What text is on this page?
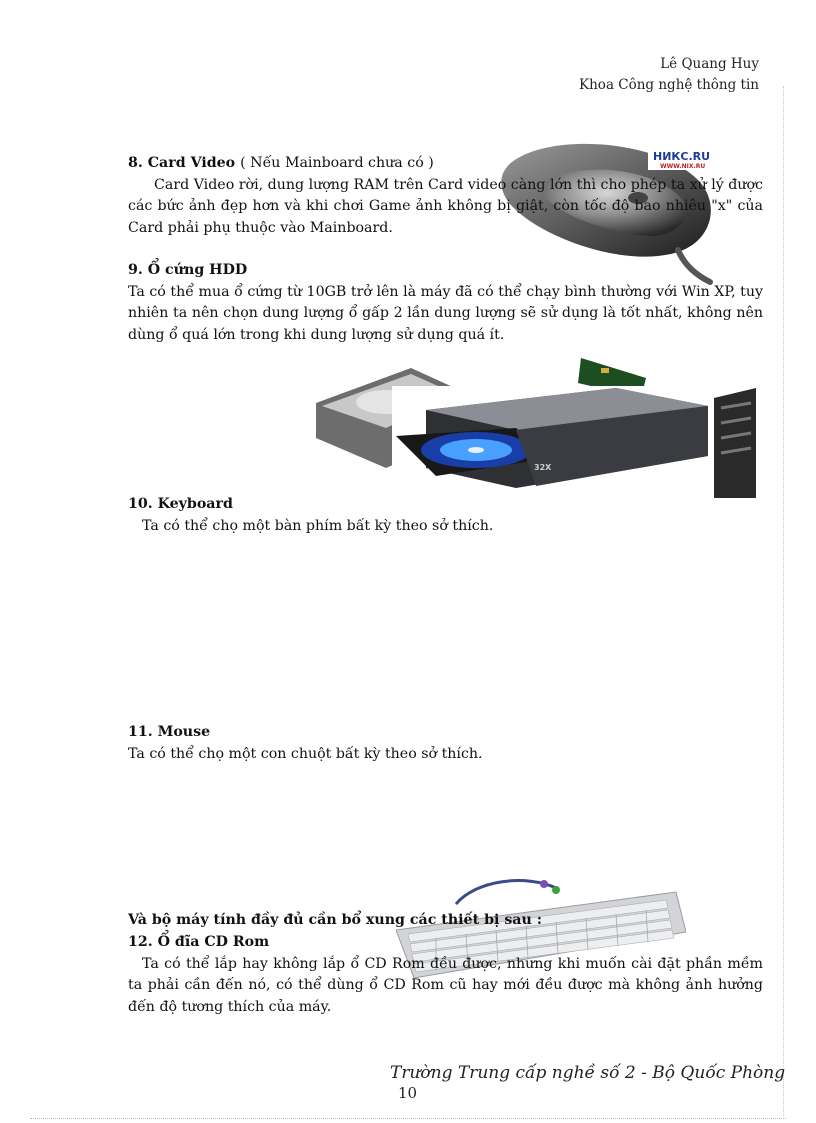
Lê Quang Huy
Khoa Công nghệ thông tin
НИКС.RU
WWW.NIX.RU
8. Card Video ( Nếu Mainboard chưa có )

Card Video rời, dung lượng RAM trên Card video càng lớn thì cho phép ta xử lý được các bức ảnh đẹp hơn và khi chơi Game ảnh không bị giật, còn tốc độ bao nhiêu "x" của Card phải phụ thuộc vào Mainboard.

9. Ổ cứng HDD

Ta có thể mua ổ cứng từ 10GB trở lên là máy đã có thể chạy bình thường với Win XP, tuy nhiên ta nên chọn dung lượng ổ gấp 2 lần dung lượng sẽ sử dụng là tốt nhất, không nên dùng ổ quá lớn trong khi dung lượng sử dụng quá ít.

32X
10. Keyboard

Ta có thể chọ một bàn phím bất kỳ theo sở thích.

11. Mouse

Ta có thể chọ một con chuột bất kỳ theo sở thích.

Và bộ máy tính đầy đủ cần bổ xung các thiết bị sau :
12. Ổ đĩa CD Rom

Ta có thể lắp hay không lắp ổ CD Rom đều được, nhưng khi muốn cài đặt phần mềm ta phải cần đến nó, có thể dùng ổ CD Rom cũ hay mới đều được mà không ảnh hưởng đến độ tương thích của máy.

Trường Trung cấp nghề số 2 - Bộ Quốc Phòng 10
